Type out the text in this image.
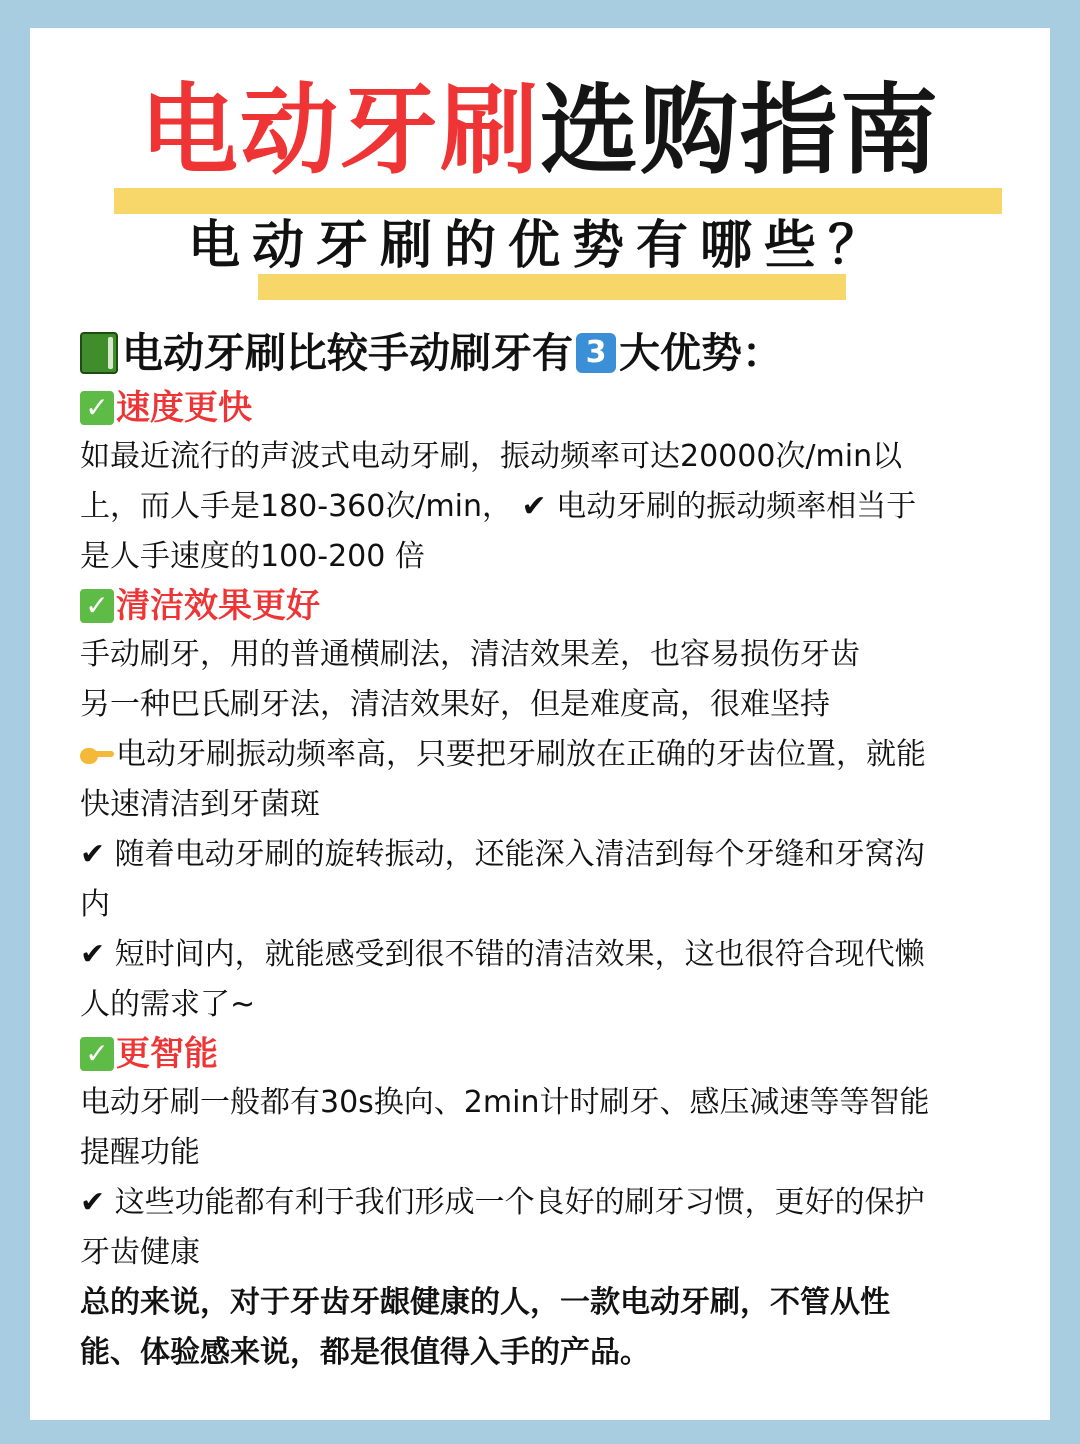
电动牙刷选购指南
电动牙刷的优势有哪些？
电动牙刷比较手动刷牙有 3 大优势：
✓ 速度更快
如最近流行的声波式电动牙刷，振动频率可达20000次/min以
上，而人手是180-360次/min， ✔ 电动牙刷的振动频率相当于
是人手速度的100-200 倍
✓ 清洁效果更好
手动刷牙，用的普通横刷法，清洁效果差，也容易损伤牙齿
另一种巴氏刷牙法，清洁效果好，但是难度高，很难坚持
电动牙刷振动频率高，只要把牙刷放在正确的牙齿位置，就能
快速清洁到牙菌斑
✔ 随着电动牙刷的旋转振动，还能深入清洁到每个牙缝和牙窝沟
内
✔ 短时间内，就能感受到很不错的清洁效果，这也很符合现代懒
人的需求了~
✓ 更智能
电动牙刷一般都有30s换向、2min计时刷牙、感压减速等等智能
提醒功能
✔ 这些功能都有利于我们形成一个良好的刷牙习惯，更好的保护
牙齿健康
总的来说，对于牙齿牙龈健康的人，一款电动牙刷，不管从性
能、体验感来说，都是很值得入手的产品。
